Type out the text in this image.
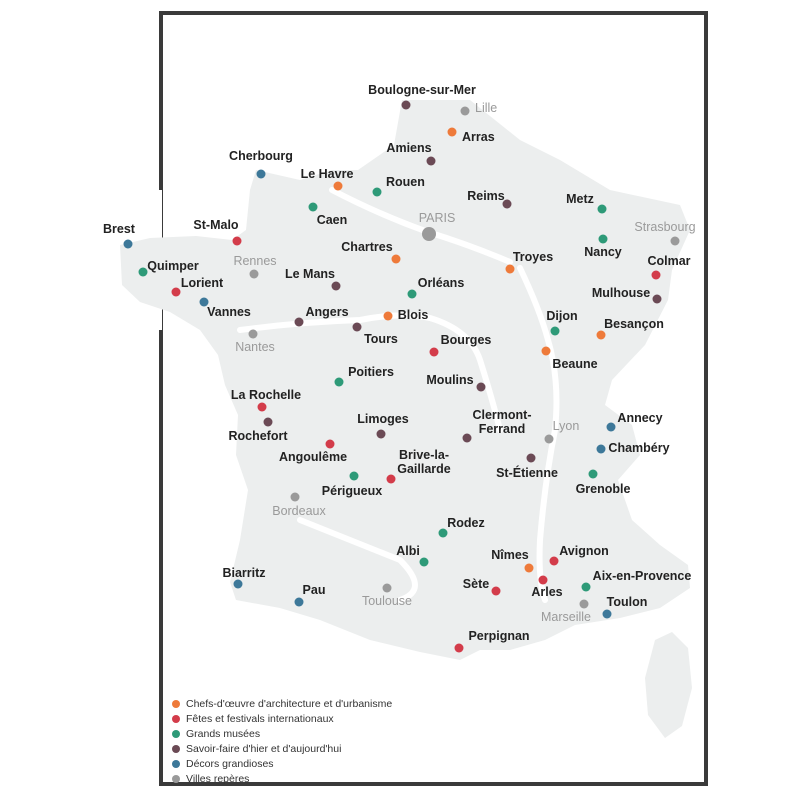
Boulogne-sur-Mer
Lille
Arras
Amiens
Cherbourg
Le Havre
Rouen
Reims	Metz
Caen	PARIS
Strasbourg
Brest	St-Malo
Chartres	Nancy
Troyes
Rennes	Colmar
Quimper
Lorient
Le Mans
Orléans
Mulhouse
Vannes	Angers	Blois	Dijon
Besançon
Tours
Nantes	Bourges
Beaune
Poitiers
Moulins
La Rochelle
Limoges	Clermont-Ferrand
Annecy
Rochefort
Lyon
Chambéry
Angoulême	Brive-la-Gaillarde	St-Étienne
Périgueux	Grenoble
Bordeaux
Rodez
Avignon
Albi	Nîmes
Biarritz
Sète
Arles
Aix-en-Provence
Pau
Toulouse	Toulon
Marseille
Perpignan
Chefs-d'œuvre d'architecture et d'urbanisme
Fêtes et festivals internationaux
Grands musées
Savoir-faire d'hier et d'aujourd'hui
Décors grandioses
Villes repères
